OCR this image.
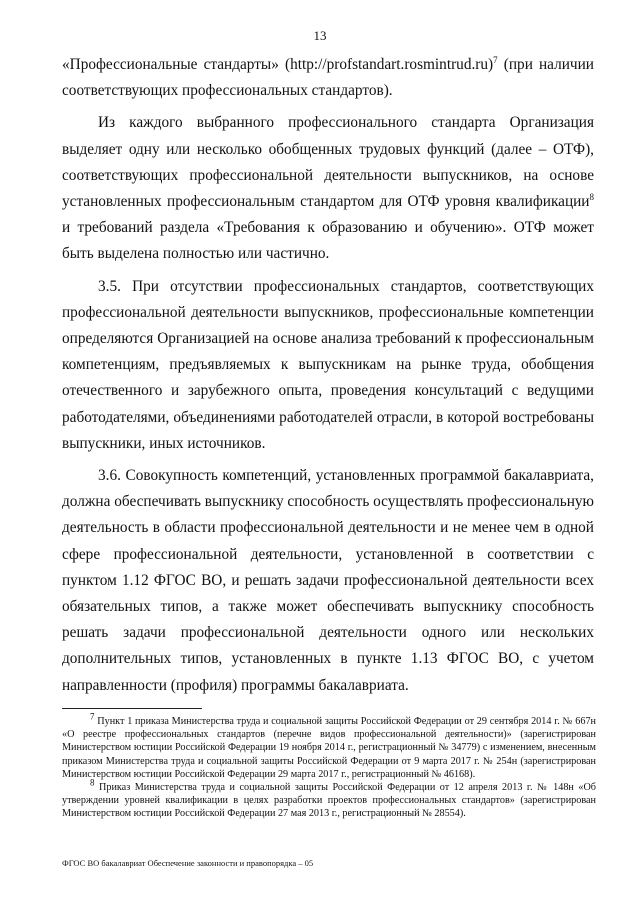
13

«Профессиональные стандарты» (http://profstandart.rosmintrud.ru)$^7$ (при наличии соответствующих профессиональных стандартов).

Из каждого выбранного профессионального стандарта Организация выделяет одну или несколько обобщенных трудовых функций (далее – ОТФ), соответствующих профессиональной деятельности выпускников, на основе установленных профессиональным стандартом для ОТФ уровня квалификации$^8$ и требований раздела «Требования к образованию и обучению». ОТФ может быть выделена полностью или частично.

3.5. При отсутствии профессиональных стандартов, соответствующих профессиональной деятельности выпускников, профессиональные компетенции определяются Организацией на основе анализа требований к профессиональным компетенциям, предъявляемых к выпускникам на рынке труда, обобщения отечественного и зарубежного опыта, проведения консультаций с ведущими работодателями, объединениями работодателей отрасли, в которой востребованы выпускники, иных источников.

3.6. Совокупность компетенций, установленных программой бакалавриата, должна обеспечивать выпускнику способность осуществлять профессиональную деятельность в области профессиональной деятельности и не менее чем в одной сфере профессиональной деятельности, установленной в соответствии с пунктом 1.12 ФГОС ВО, и решать задачи профессиональной деятельности всех обязательных типов, а также может обеспечивать выпускнику способность решать задачи профессиональной деятельности одного или нескольких дополнительных типов, установленных в пункте 1.13 ФГОС ВО, с учетом направленности (профиля) программы бакалавриата.

$^7$ Пункт 1 приказа Министерства труда и социальной защиты Российской Федерации от 29 сентября 2014 г. № 667н «О реестре профессиональных стандартов (перечне видов профессиональной деятельности)» (зарегистрирован Министерством юстиции Российской Федерации 19 ноября 2014 г., регистрационный № 34779) с изменением, внесенным приказом Министерства труда и социальной защиты Российской Федерации от 9 марта 2017 г. № 254н (зарегистрирован Министерством юстиции Российской Федерации 29 марта 2017 г., регистрационный № 46168).

$^8$ Приказ Министерства труда и социальной защиты Российской Федерации от 12 апреля 2013 г. № 148н «Об утверждении уровней квалификации в целях разработки проектов профессиональных стандартов» (зарегистрирован Министерством юстиции Российской Федерации 27 мая 2013 г., регистрационный № 28554).

ФГОС ВО бакалавриат Обеспечение законности и правопорядка – 05
